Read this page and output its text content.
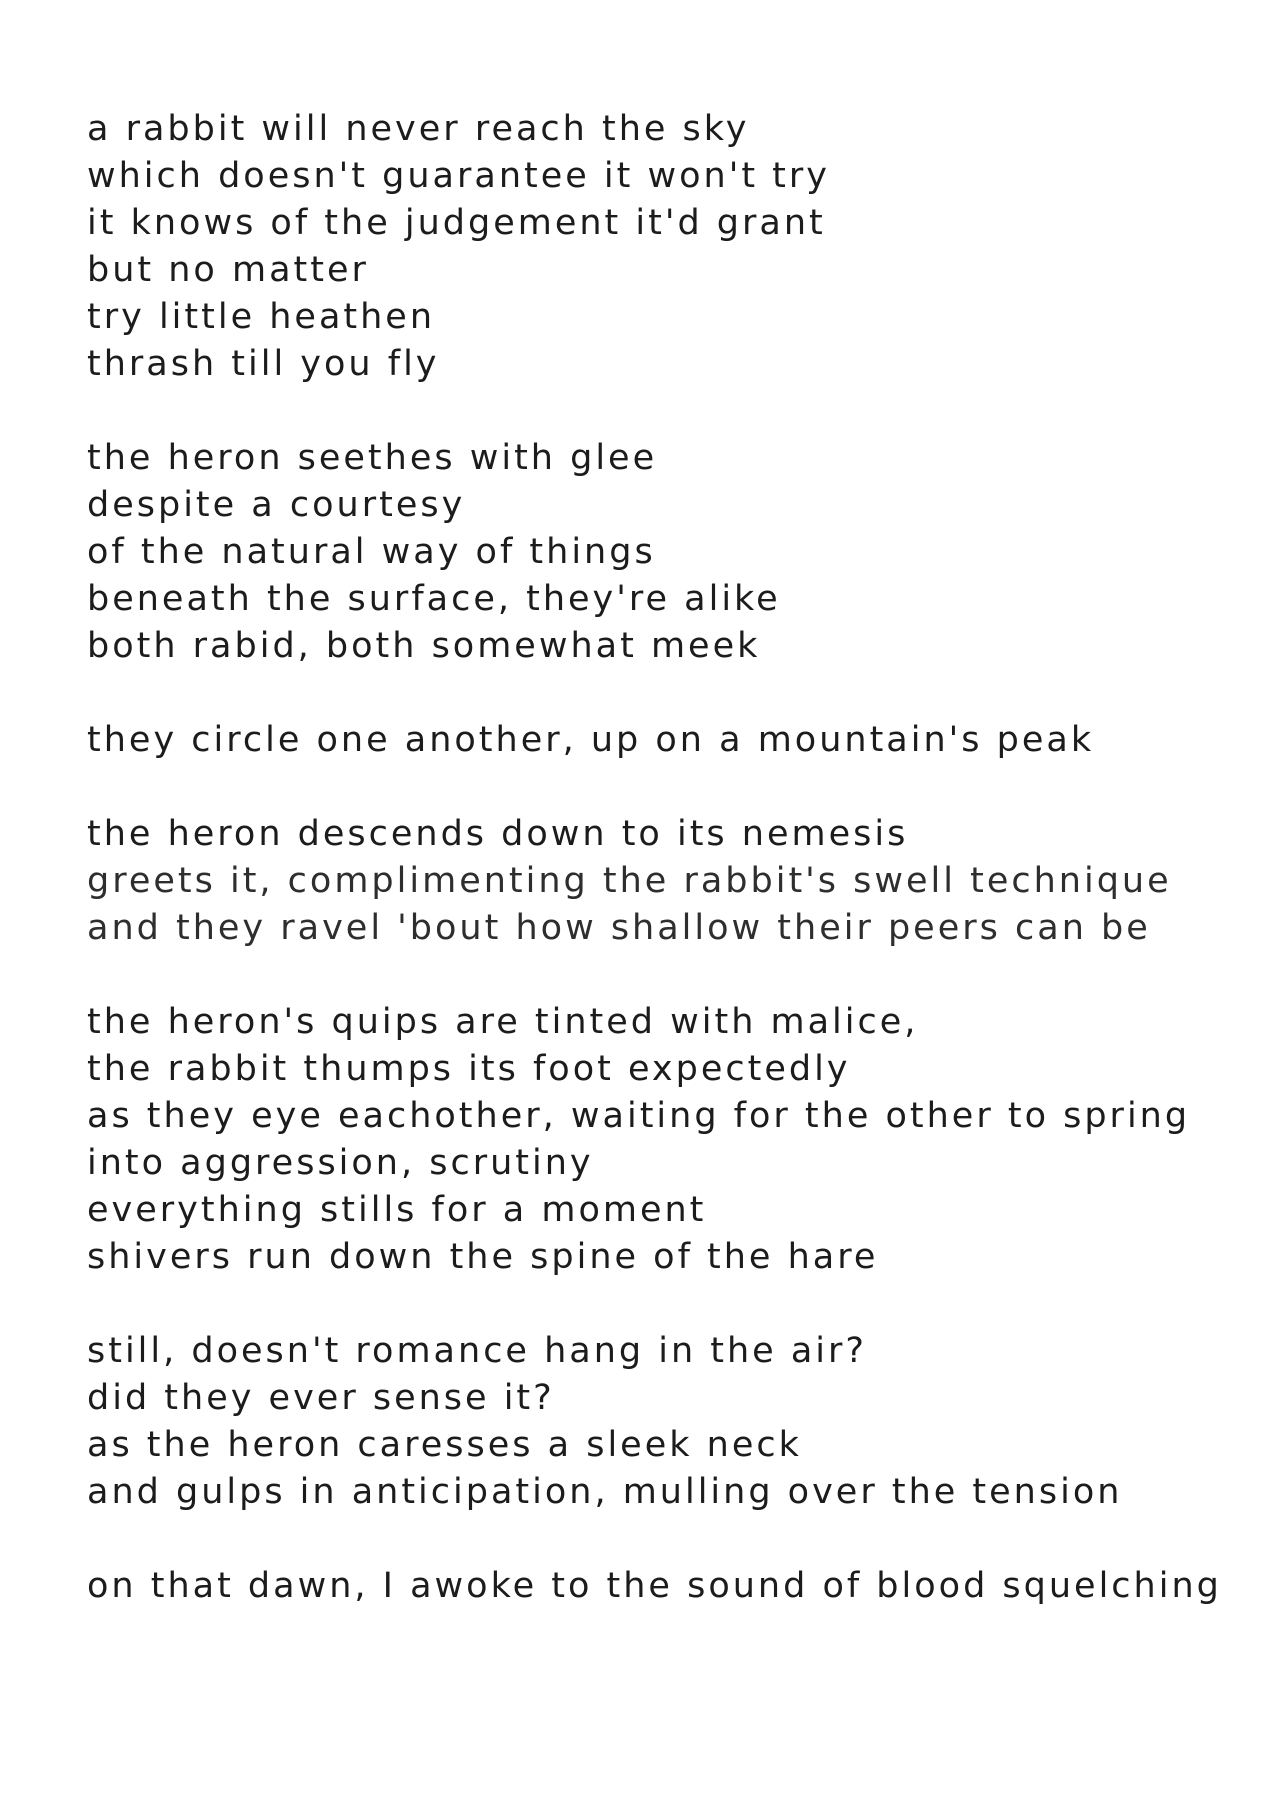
a rabbit will never reach the sky
which doesn't guarantee it won't try
it knows of the judgement it'd grant
but no matter
try little heathen
thrash till you fly
the heron seethes with glee
despite a courtesy
of the natural way of things
beneath the surface, they're alike
both rabid, both somewhat meek
they circle one another, up on a mountain's peak
the heron descends down to its nemesis
greets it, complimenting the rabbit's swell technique
and they ravel 'bout how shallow their peers can be
the heron's quips are tinted with malice,
the rabbit thumps its foot expectedly
as they eye eachother, waiting for the other to spring
into aggression, scrutiny
everything stills for a moment
shivers run down the spine of the hare
still, doesn't romance hang in the air?
did they ever sense it?
as the heron caresses a sleek neck
and gulps in anticipation, mulling over the tension
on that dawn, I awoke to the sound of blood squelching
